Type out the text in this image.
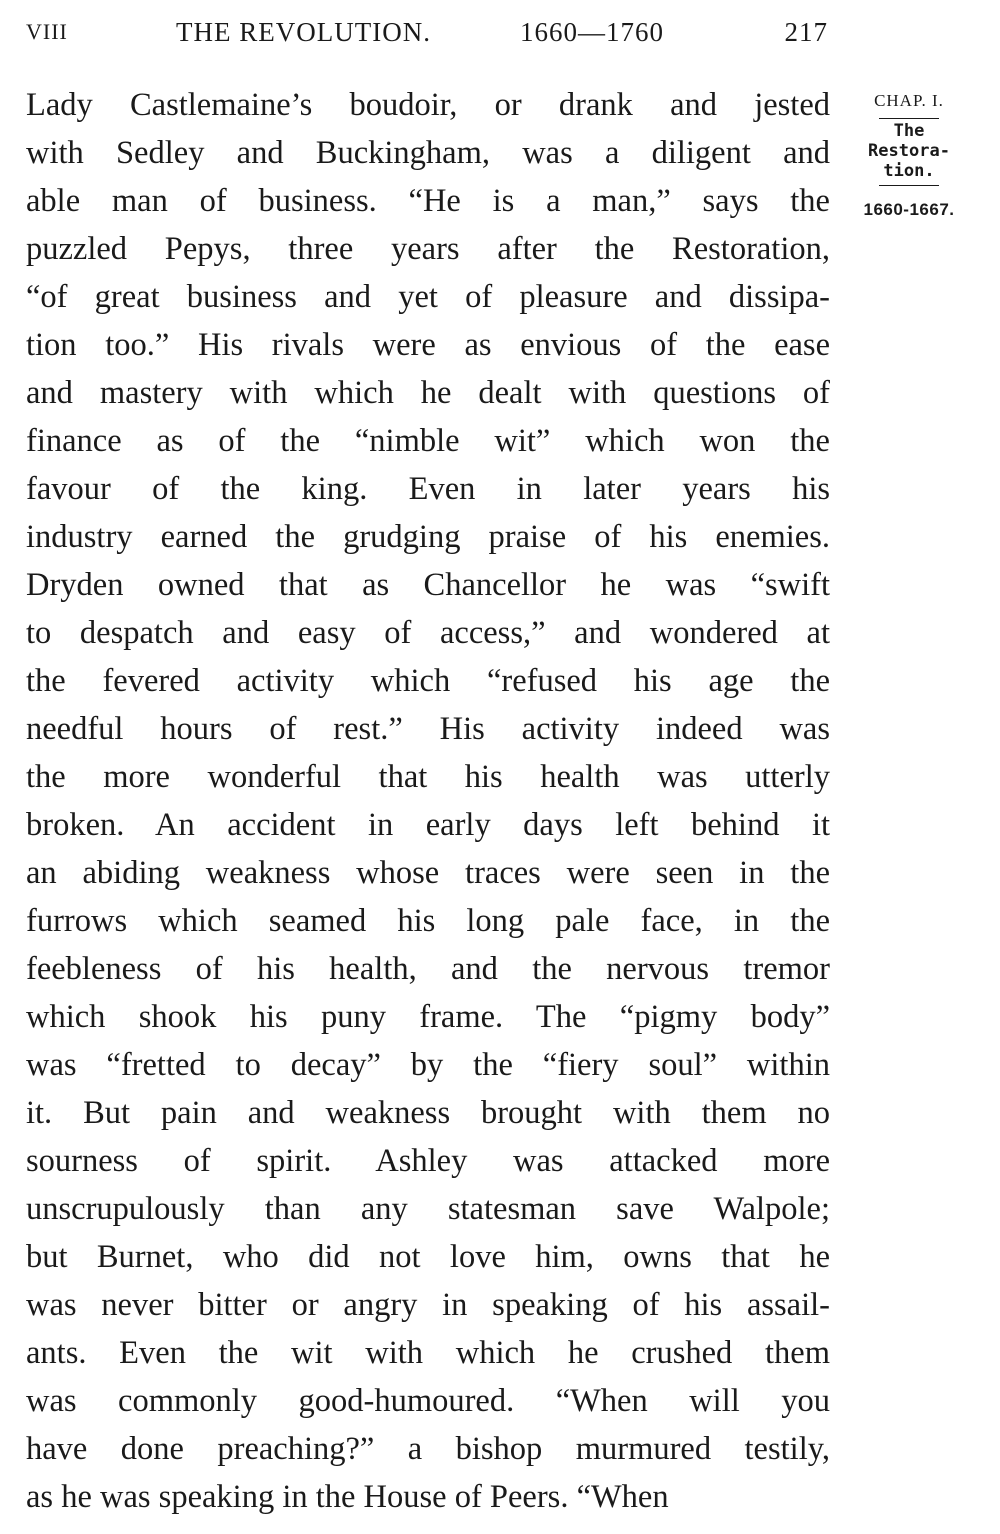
VIII	THE REVOLUTION.	1660—1760	217
Lady Castlemaine’s boudoir, or drank and jested
with Sedley and Buckingham, was a diligent and
able man of business. “He is a man,” says the
puzzled Pepys, three years after the Restoration,
“of great business and yet of pleasure and dissipa-
tion too.” His rivals were as envious of the ease
and mastery with which he dealt with questions of
finance as of the “nimble wit” which won the
favour of the king. Even in later years his
industry earned the grudging praise of his enemies.
Dryden owned that as Chancellor he was “swift
to despatch and easy of access,” and wondered at
the fevered activity which “refused his age the
needful hours of rest.” His activity indeed was
the more wonderful that his health was utterly
broken. An accident in early days left behind it
an abiding weakness whose traces were seen in the
furrows which seamed his long pale face, in the
feebleness of his health, and the nervous tremor
which shook his puny frame. The “pigmy body”
was “fretted to decay” by the “fiery soul” within
it. But pain and weakness brought with them no
sourness of spirit. Ashley was attacked more
unscrupulously than any statesman save Walpole;
but Burnet, who did not love him, owns that he
was never bitter or angry in speaking of his assail-
ants. Even the wit with which he crushed them
was commonly good-humoured. “When will you
have done preaching?” a bishop murmured testily,
as he was speaking in the House of Peers. “When
CHAP. I.
The
Restora-
tion.
1660-1667.
